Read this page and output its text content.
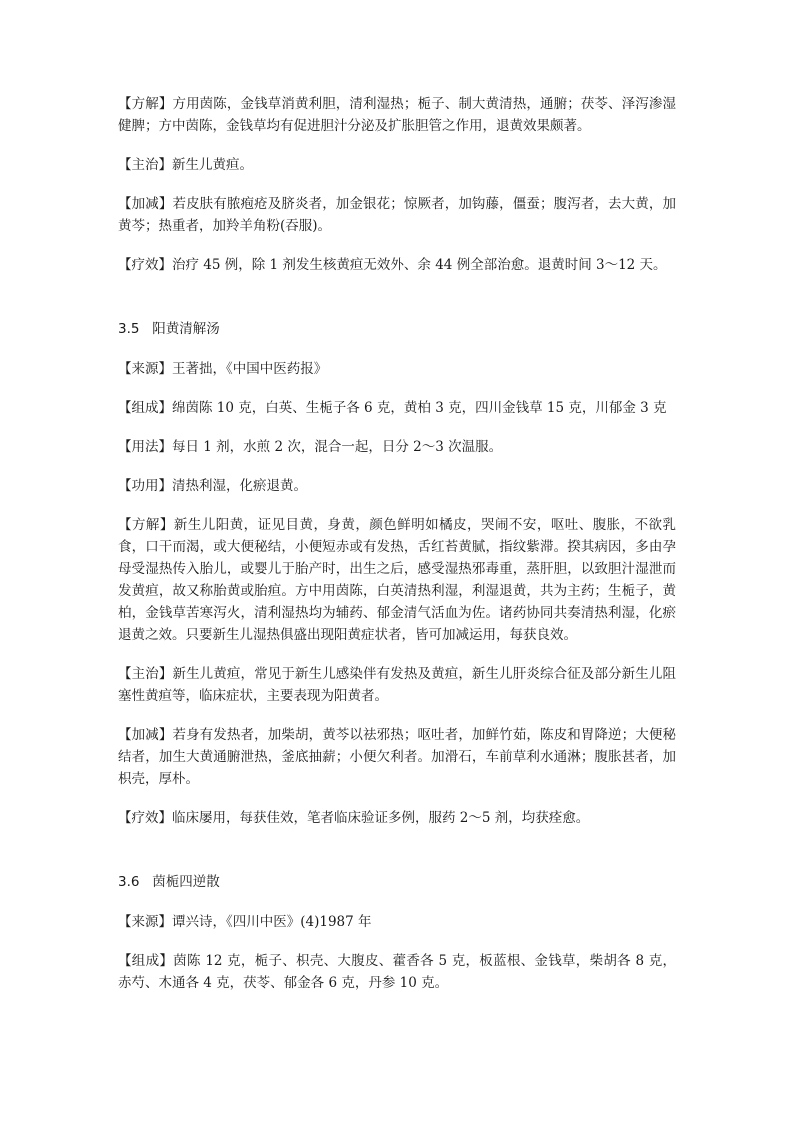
【方解】方用茵陈，金钱草消黄利胆，清利湿热；栀子、制大黄清热，通腑；茯苓、泽泻渗湿健脾；方中茵陈，金钱草均有促进胆汁分泌及扩胀胆管之作用，退黄效果颇著。

【主治】新生儿黄疸。

【加减】若皮肤有脓疱疮及脐炎者，加金银花；惊厥者，加钩藤，僵蚕；腹泻者，去大黄，加黄芩；热重者，加羚羊角粉(吞服)。

【疗效】治疗 45 例，除 1 剂发生核黄疸无效外、余 44 例全部治愈。退黄时间 3～12 天。

3.5 阳黄清解汤

【来源】王著拙，《中国中医药报》

【组成】绵茵陈 10 克，白英、生栀子各 6 克，黄柏 3 克，四川金钱草 15 克，川郁金 3 克

【用法】每日 1 剂，水煎 2 次，混合一起，日分 2～3 次温服。

【功用】清热利湿，化瘀退黄。

【方解】新生儿阳黄，证见目黄，身黄，颜色鲜明如橘皮，哭闹不安，呕吐、腹胀，不欲乳食，口干而渴，或大便秘结，小便短赤或有发热，舌红苔黄腻，指纹紫滞。揆其病因，多由孕母受湿热传入胎儿，或婴儿于胎产时，出生之后，感受湿热邪毒重，蒸肝胆，以致胆汁湿泄而发黄疸，故又称胎黄或胎疸。方中用茵陈，白英清热利湿，利湿退黄，共为主药；生栀子，黄柏，金钱草苦寒泻火，清利湿热均为辅药、郁金清气活血为佐。诸药协同共奏清热利湿，化瘀退黄之效。只要新生儿湿热俱盛出现阳黄症状者，皆可加减运用，每获良效。

【主治】新生儿黄疸，常见于新生儿感染伴有发热及黄疸，新生儿肝炎综合征及部分新生儿阻塞性黄疸等，临床症状，主要表现为阳黄者。

【加减】若身有发热者，加柴胡，黄芩以祛邪热；呕吐者，加鲜竹茹，陈皮和胃降逆；大便秘结者，加生大黄通腑泄热，釜底抽薪；小便欠利者。加滑石，车前草利水通淋；腹胀甚者，加枳壳，厚朴。

【疗效】临床屡用，每获佳效，笔者临床验证多例，服药 2～5 剂，均获痊愈。

3.6 茵栀四逆散

【来源】谭兴诗，《四川中医》(4)1987 年

【组成】茵陈 12 克，栀子、枳壳、大腹皮、藿香各 5 克，板蓝根、金钱草，柴胡各 8 克，赤芍、木通各 4 克，茯苓、郁金各 6 克，丹参 10 克。
